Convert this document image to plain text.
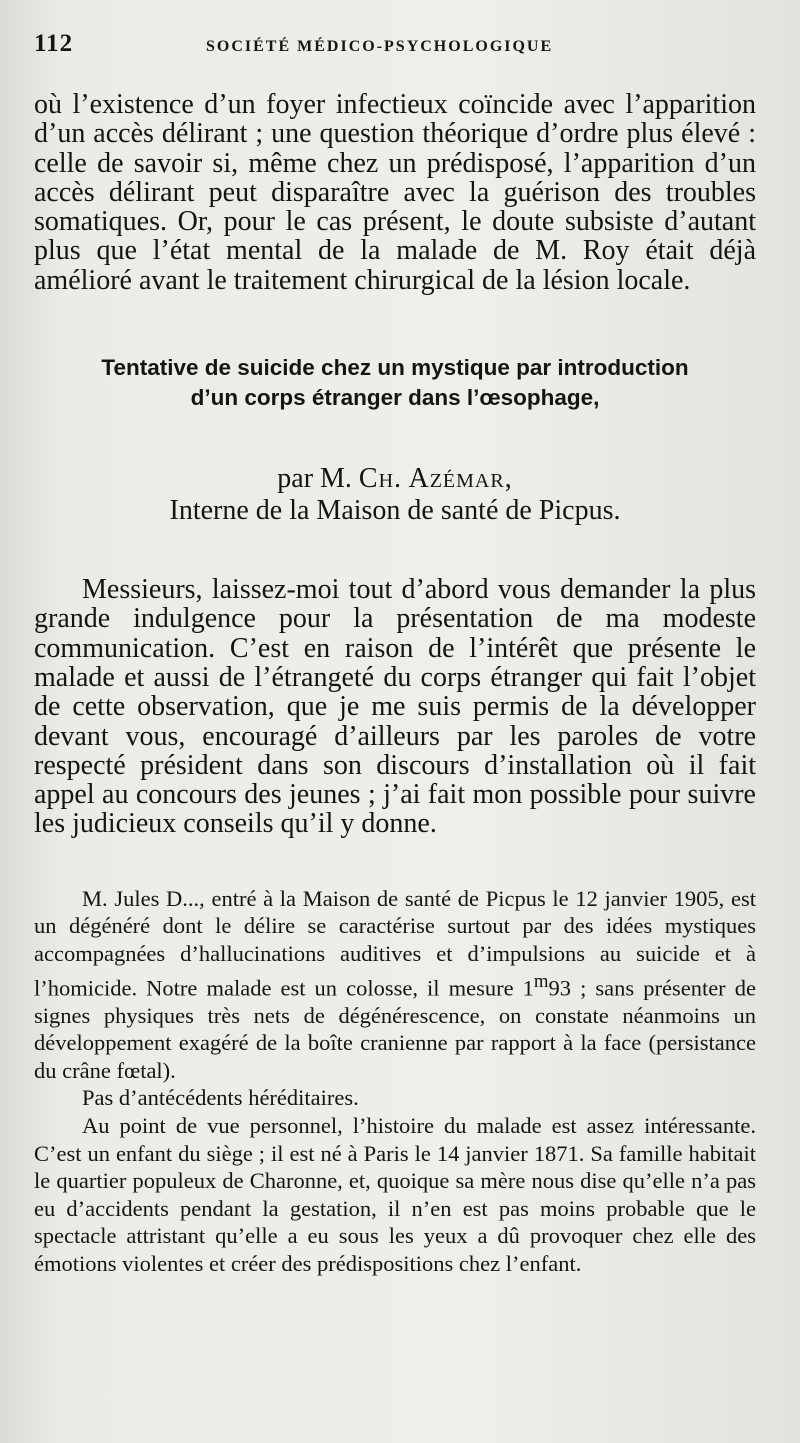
112	SOCIÉTÉ MÉDICO-PSYCHOLOGIQUE

où l’existence d’un foyer infectieux coïncide avec l’apparition d’un accès délirant ; une question théorique d’ordre plus élevé : celle de savoir si, même chez un prédisposé, l’apparition d’un accès délirant peut disparaître avec la guérison des troubles somatiques. Or, pour le cas présent, le doute subsiste d’autant plus que l’état mental de la malade de M. Roy était déjà amélioré avant le traitement chirurgical de la lésion locale.

Tentative de suicide chez un mystique par introduction
d’un corps étranger dans l’œsophage,
par M. Ch. Azémar,
Interne de la Maison de santé de Picpus.

Messieurs, laissez-moi tout d’abord vous demander la plus grande indulgence pour la présentation de ma modeste communication. C’est en raison de l’intérêt que présente le malade et aussi de l’étrangeté du corps étranger qui fait l’objet de cette observation, que je me suis permis de la développer devant vous, encouragé d’ailleurs par les paroles de votre respecté président dans son discours d’installation où il fait appel au concours des jeunes ; j’ai fait mon possible pour suivre les judicieux conseils qu’il y donne.

M. Jules D..., entré à la Maison de santé de Picpus le 12 janvier 1905, est un dégénéré dont le délire se caractérise surtout par des idées mystiques accompagnées d’hallucinations auditives et d’impulsions au suicide et à l’homicide. Notre malade est un colosse, il mesure 1$^m$93 ; sans présenter de signes physiques très nets de dégénérescence, on constate néanmoins un développement exagéré de la boîte cranienne par rapport à la face (persistance du crâne fœtal).

Pas d’antécédents héréditaires.

Au point de vue personnel, l’histoire du malade est assez intéressante. C’est un enfant du siège ; il est né à Paris le 14 janvier 1871. Sa famille habitait le quartier populeux de Charonne, et, quoique sa mère nous dise qu’elle n’a pas eu d’accidents pendant la gestation, il n’en est pas moins probable que le spectacle attristant qu’elle a eu sous les yeux a dû provoquer chez elle des émotions violentes et créer des prédispositions chez l’enfant.
